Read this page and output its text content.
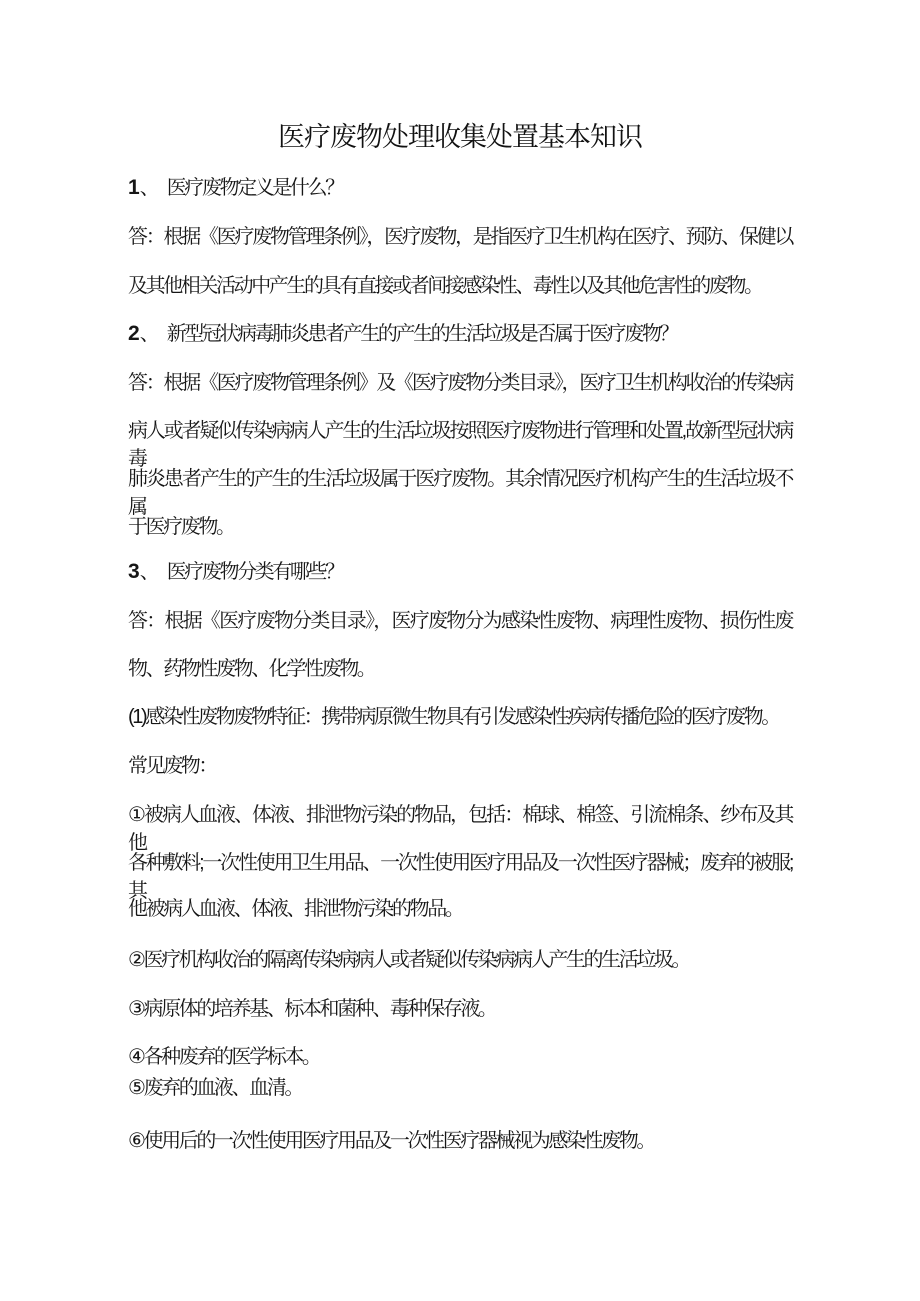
医疗废物处理收集处置基本知识
1、 医疗废物定义是什么？
答：根据《医疗废物管理条例》，医疗废物，是指医疗卫生机构在医疗、预防、保健以
及其他相关活动中产生的具有直接或者间接感染性、毒性以及其他危害性的废物。
2、 新型冠状病毒肺炎患者产生的产生的生活垃圾是否属于医疗废物？
答：根据《医疗废物管理条例》及《医疗废物分类目录》，医疗卫生机构收治的传染病
病人或者疑似传染病病人产生的生活垃圾按照医疗废物进行管理和处置,故新型冠状病毒
肺炎患者产生的产生的生活垃圾属于医疗废物。其余情况医疗机构产生的生活垃圾不属
于医疗废物。
3、 医疗废物分类有哪些？
答：根据《医疗废物分类目录》，医疗废物分为感染性废物、病理性废物、损伤性废
物、药物性废物、化学性废物。
(1)感染性废物废物特征：携带病原微生物具有引发感染性疾病传播危险的医疗废物。
常见废物：
①被病人血液、体液、排泄物污染的物品，包括：棉球、棉签、引流棉条、纱布及其他
各种敷料;一次性使用卫生用品、一次性使用医疗用品及一次性医疗器械；废弃的被服;其
他被病人血液、体液、排泄物污染的物品。
②医疗机构收治的隔离传染病病人或者疑似传染病病人产生的生活垃圾。
③病原体的培养基、标本和菌种、毒种保存液。
④各种废弃的医学标本。
⑤废弃的血液、血清。
⑥使用后的一次性使用医疗用品及一次性医疗器械视为感染性废物。
